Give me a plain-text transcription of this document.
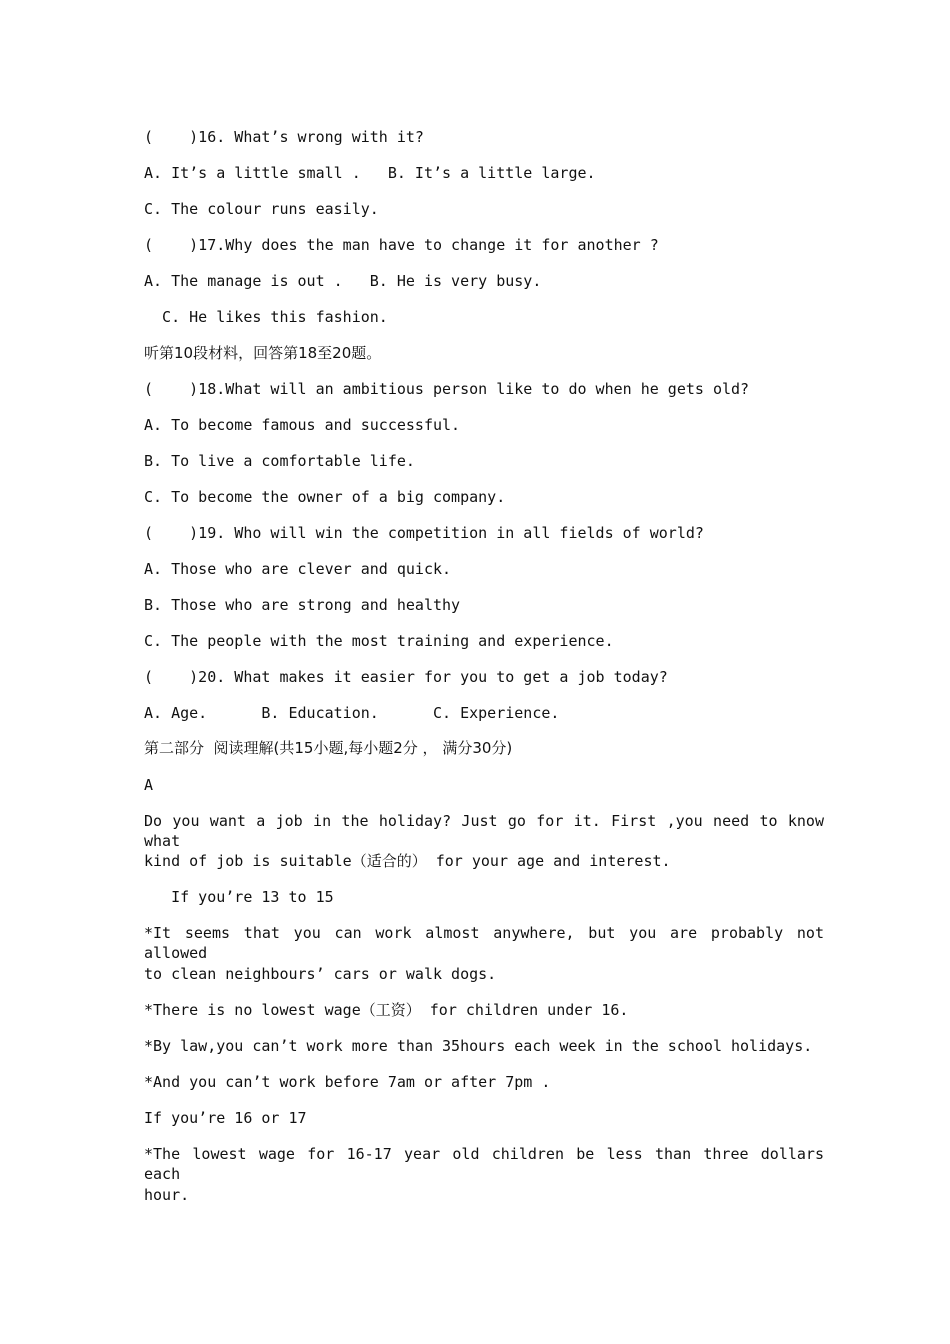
(    )16. What’s wrong with it?
A. It’s a little small .   B. It’s a little large.
C. The colour runs easily.
(    )17.Why does the man have to change it for another ?
A. The manage is out .   B. He is very busy.
C. He likes this fashion.
听第10段材料，回答第18至20题。
(    )18.What will an ambitious person like to do when he gets old?
A. To become famous and successful.
B. To live a comfortable life.
C. To become the owner of a big company.
(    )19. Who will win the competition in all fields of world?
A. Those who are clever and quick.
B. Those who are strong and healthy
C. The people with the most training and experience.
(    )20. What makes it easier for you to get a job today?
A. Age.      B. Education.      C. Experience.
第二部分  阅读理解(共15小题,每小题2分 ， 满分30分)
A
Do you want a job in the holiday? Just go for it. First ,you need to know what
kind of job is suitable（适合的） for your age and interest.
If you’re 13 to 15
*It seems that you can work almost anywhere, but you are probably not allowed
to clean neighbours’ cars or walk dogs.
*There is no lowest wage（工资） for children under 16.
*By law,you can’t work more than 35hours each week in the school holidays.
*And you can’t work before 7am or after 7pm .
If you’re 16 or 17
*The lowest wage for 16-17 year old children be less than three dollars each
hour.
